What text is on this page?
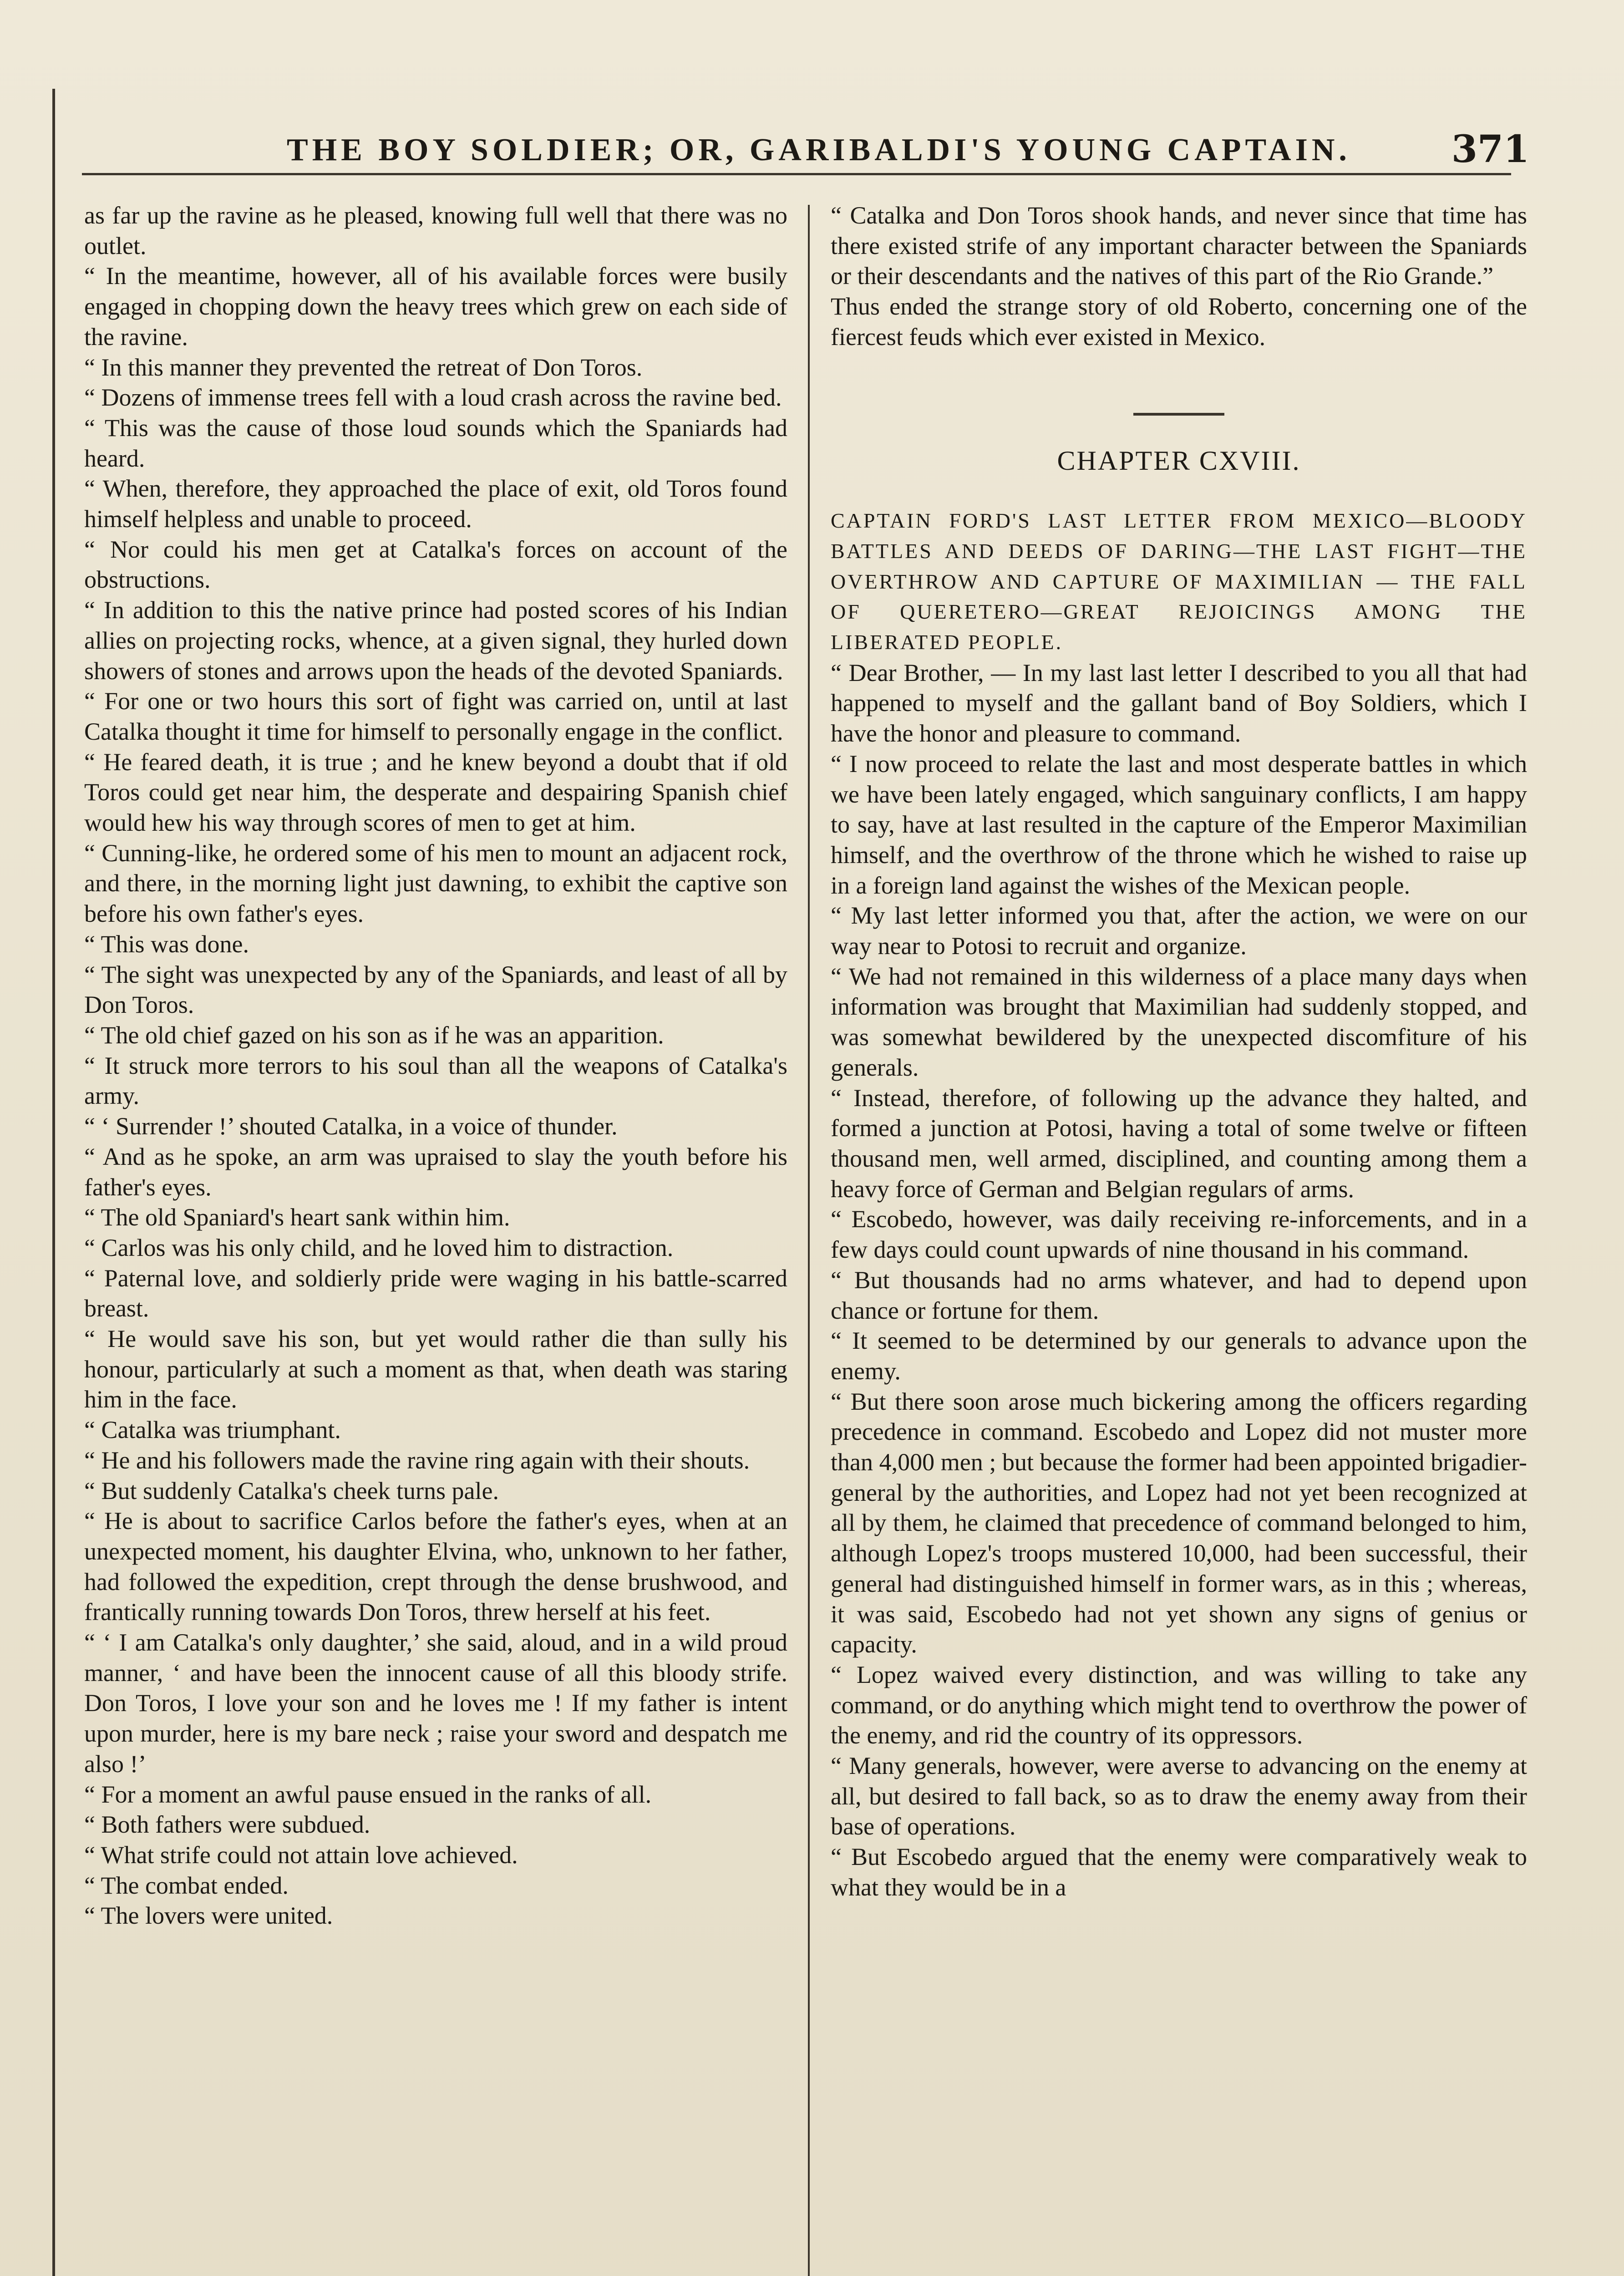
THE BOY SOLDIER; OR, GARIBALDI'S YOUNG CAPTAIN.	371

as far up the ravine as he pleased, knowing full well that there was no outlet.

“ In the meantime, however, all of his available forces were busily engaged in chopping down the heavy trees which grew on each side of the ravine.

“ In this manner they prevented the retreat of Don Toros.

“ Dozens of immense trees fell with a loud crash across the ravine bed.

“ This was the cause of those loud sounds which the Spaniards had heard.

“ When, therefore, they approached the place of exit, old Toros found himself helpless and unable to proceed.

“ Nor could his men get at Catalka's forces on account of the obstructions.

“ In addition to this the native prince had posted scores of his Indian allies on projecting rocks, whence, at a given signal, they hurled down showers of stones and arrows upon the heads of the devoted Spaniards.

“ For one or two hours this sort of fight was carried on, until at last Catalka thought it time for himself to personally engage in the conflict.

“ He feared death, it is true ; and he knew beyond a doubt that if old Toros could get near him, the desperate and despairing Spanish chief would hew his way through scores of men to get at him.

“ Cunning-like, he ordered some of his men to mount an adjacent rock, and there, in the morning light just dawning, to exhibit the captive son before his own father's eyes.

“ This was done.

“ The sight was unexpected by any of the Spaniards, and least of all by Don Toros.

“ The old chief gazed on his son as if he was an apparition.

“ It struck more terrors to his soul than all the weapons of Catalka's army.

“ ‘ Surrender !’ shouted Catalka, in a voice of thunder.

“ And as he spoke, an arm was upraised to slay the youth before his father's eyes.

“ The old Spaniard's heart sank within him.

“ Carlos was his only child, and he loved him to distraction.

“ Paternal love, and soldierly pride were waging in his battle-scarred breast.

“ He would save his son, but yet would rather die than sully his honour, particularly at such a moment as that, when death was staring him in the face.

“ Catalka was triumphant.

“ He and his followers made the ravine ring again with their shouts.

“ But suddenly Catalka's cheek turns pale.

“ He is about to sacrifice Carlos before the father's eyes, when at an unexpected moment, his daughter Elvina, who, unknown to her father, had followed the expedition, crept through the dense brushwood, and frantically running towards Don Toros, threw herself at his feet.

“ ‘ I am Catalka's only daughter,’ she said, aloud, and in a wild proud manner, ‘ and have been the innocent cause of all this bloody strife. Don Toros, I love your son and he loves me ! If my father is intent upon murder, here is my bare neck ; raise your sword and despatch me also !’

“ For a moment an awful pause ensued in the ranks of all.

“ Both fathers were subdued.

“ What strife could not attain love achieved.

“ The combat ended.

“ The lovers were united.

“ Catalka and Don Toros shook hands, and never since that time has there existed strife of any important character between the Spaniards or their descendants and the natives of this part of the Rio Grande.”

Thus ended the strange story of old Roberto, concerning one of the fiercest feuds which ever existed in Mexico.

CHAPTER CXVIII.

CAPTAIN FORD'S LAST LETTER FROM MEXICO—BLOODY BATTLES AND DEEDS OF DARING—THE LAST FIGHT—THE OVERTHROW AND CAPTURE OF MAXIMILIAN — THE FALL OF QUERETERO—GREAT REJOICINGS AMONG THE LIBERATED PEOPLE.

“ Dear Brother, — In my last last letter I described to you all that had happened to myself and the gallant band of Boy Soldiers, which I have the honor and pleasure to command.

“ I now proceed to relate the last and most desperate battles in which we have been lately engaged, which sanguinary conflicts, I am happy to say, have at last resulted in the capture of the Emperor Maximilian himself, and the overthrow of the throne which he wished to raise up in a foreign land against the wishes of the Mexican people.

“ My last letter informed you that, after the action, we were on our way near to Potosi to recruit and organize.

“ We had not remained in this wilderness of a place many days when information was brought that Maximilian had suddenly stopped, and was somewhat bewildered by the unexpected discomfiture of his generals.

“ Instead, therefore, of following up the advance they halted, and formed a junction at Potosi, having a total of some twelve or fifteen thousand men, well armed, disciplined, and counting among them a heavy force of German and Belgian regulars of arms.

“ Escobedo, however, was daily receiving re-inforcements, and in a few days could count upwards of nine thousand in his command.

“ But thousands had no arms whatever, and had to depend upon chance or fortune for them.

“ It seemed to be determined by our generals to advance upon the enemy.

“ But there soon arose much bickering among the officers regarding precedence in command. Escobedo and Lopez did not muster more than 4,000 men ; but because the former had been appointed brigadier-general by the authorities, and Lopez had not yet been recognized at all by them, he claimed that precedence of command belonged to him, although Lopez's troops mustered 10,000, had been successful, their general had distinguished himself in former wars, as in this ; whereas, it was said, Escobedo had not yet shown any signs of genius or capacity.

“ Lopez waived every distinction, and was willing to take any command, or do anything which might tend to overthrow the power of the enemy, and rid the country of its oppressors.

“ Many generals, however, were averse to advancing on the enemy at all, but desired to fall back, so as to draw the enemy away from their base of operations.

“ But Escobedo argued that the enemy were comparatively weak to what they would be in a
